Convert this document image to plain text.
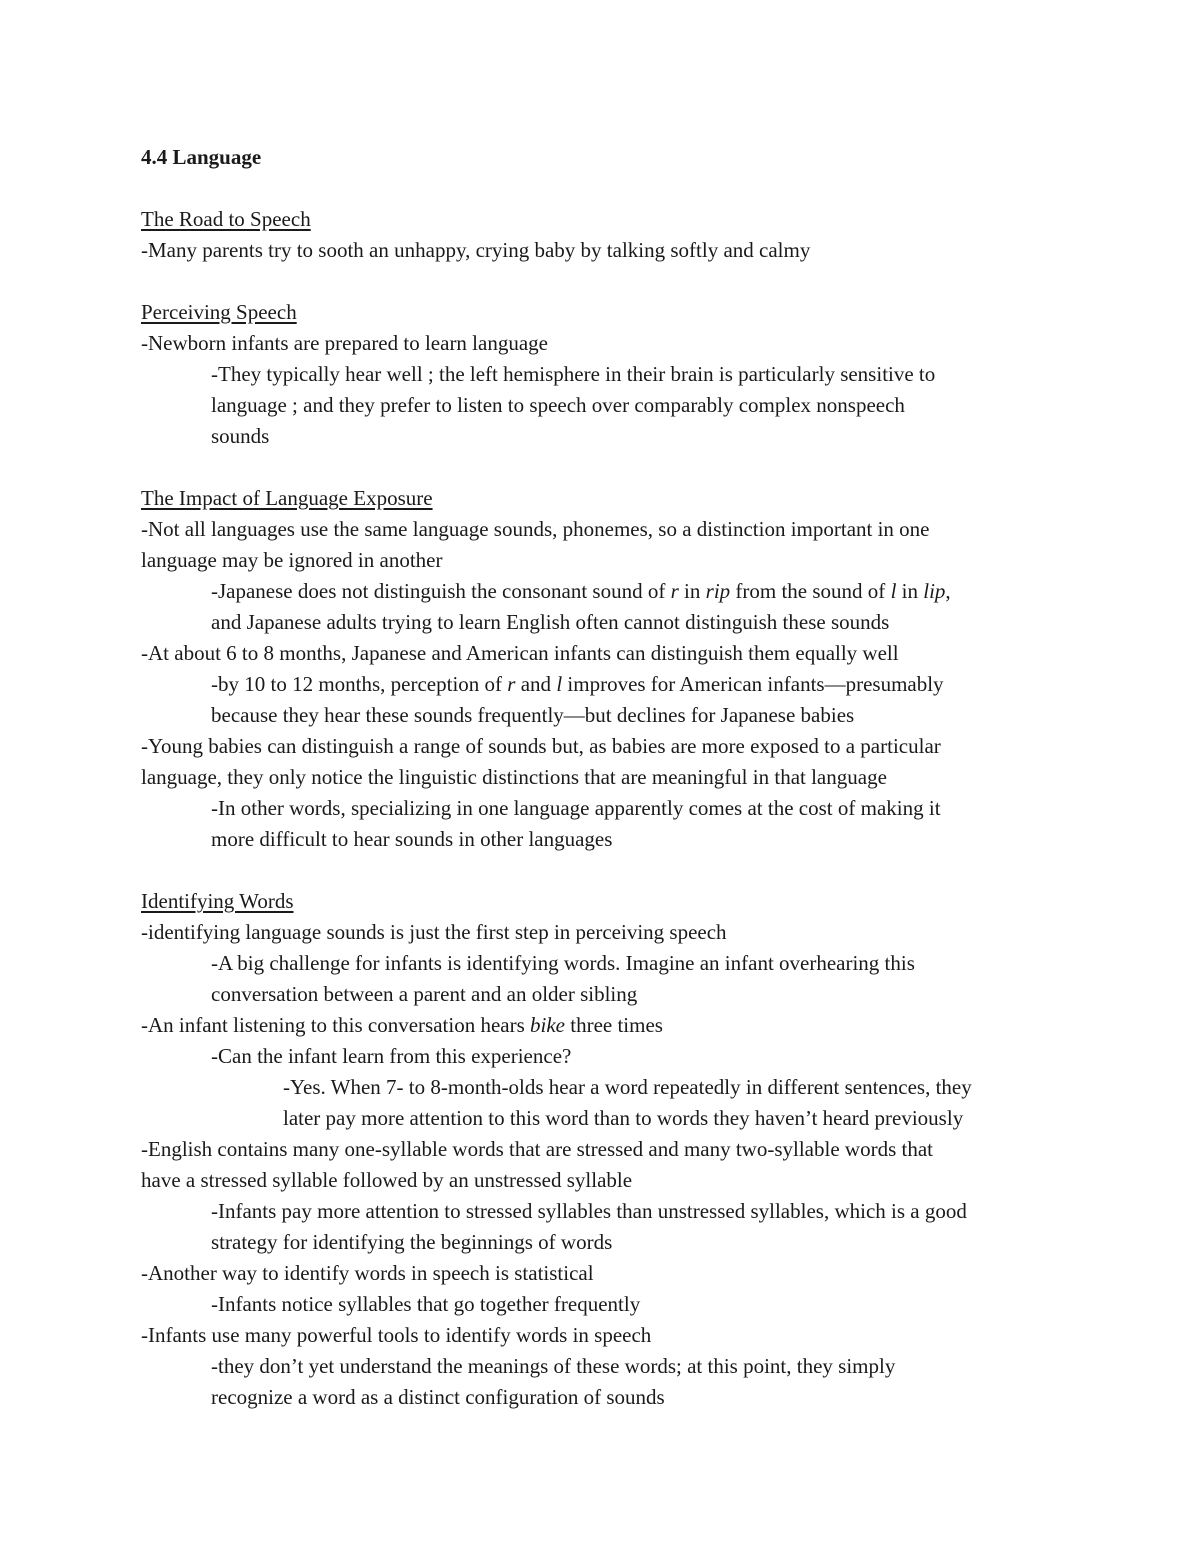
4.4 Language
The Road to Speech
-Many parents try to sooth an unhappy, crying baby by talking softly and calmy
Perceiving Speech
-Newborn infants are prepared to learn language
-They typically hear well ; the left hemisphere in their brain is particularly sensitive to
language ; and they prefer to listen to speech over comparably complex nonspeech
sounds
The Impact of Language Exposure
-Not all languages use the same language sounds, phonemes, so a distinction important in one
language may be ignored in another
-Japanese does not distinguish the consonant sound of r in rip from the sound of l in lip,
and Japanese adults trying to learn English often cannot distinguish these sounds
-At about 6 to 8 months, Japanese and American infants can distinguish them equally well
-by 10 to 12 months, perception of r and l improves for American infants—presumably
because they hear these sounds frequently—but declines for Japanese babies
-Young babies can distinguish a range of sounds but, as babies are more exposed to a particular
language, they only notice the linguistic distinctions that are meaningful in that language
-In other words, specializing in one language apparently comes at the cost of making it
more difficult to hear sounds in other languages
Identifying Words
-identifying language sounds is just the first step in perceiving speech
-A big challenge for infants is identifying words. Imagine an infant overhearing this
conversation between a parent and an older sibling
-An infant listening to this conversation hears bike three times
-Can the infant learn from this experience?
-Yes. When 7- to 8-month-olds hear a word repeatedly in different sentences, they
later pay more attention to this word than to words they haven’t heard previously
-English contains many one-syllable words that are stressed and many two-syllable words that
have a stressed syllable followed by an unstressed syllable
-Infants pay more attention to stressed syllables than unstressed syllables, which is a good
strategy for identifying the beginnings of words
-Another way to identify words in speech is statistical
-Infants notice syllables that go together frequently
-Infants use many powerful tools to identify words in speech
-they don’t yet understand the meanings of these words; at this point, they simply
recognize a word as a distinct configuration of sounds
